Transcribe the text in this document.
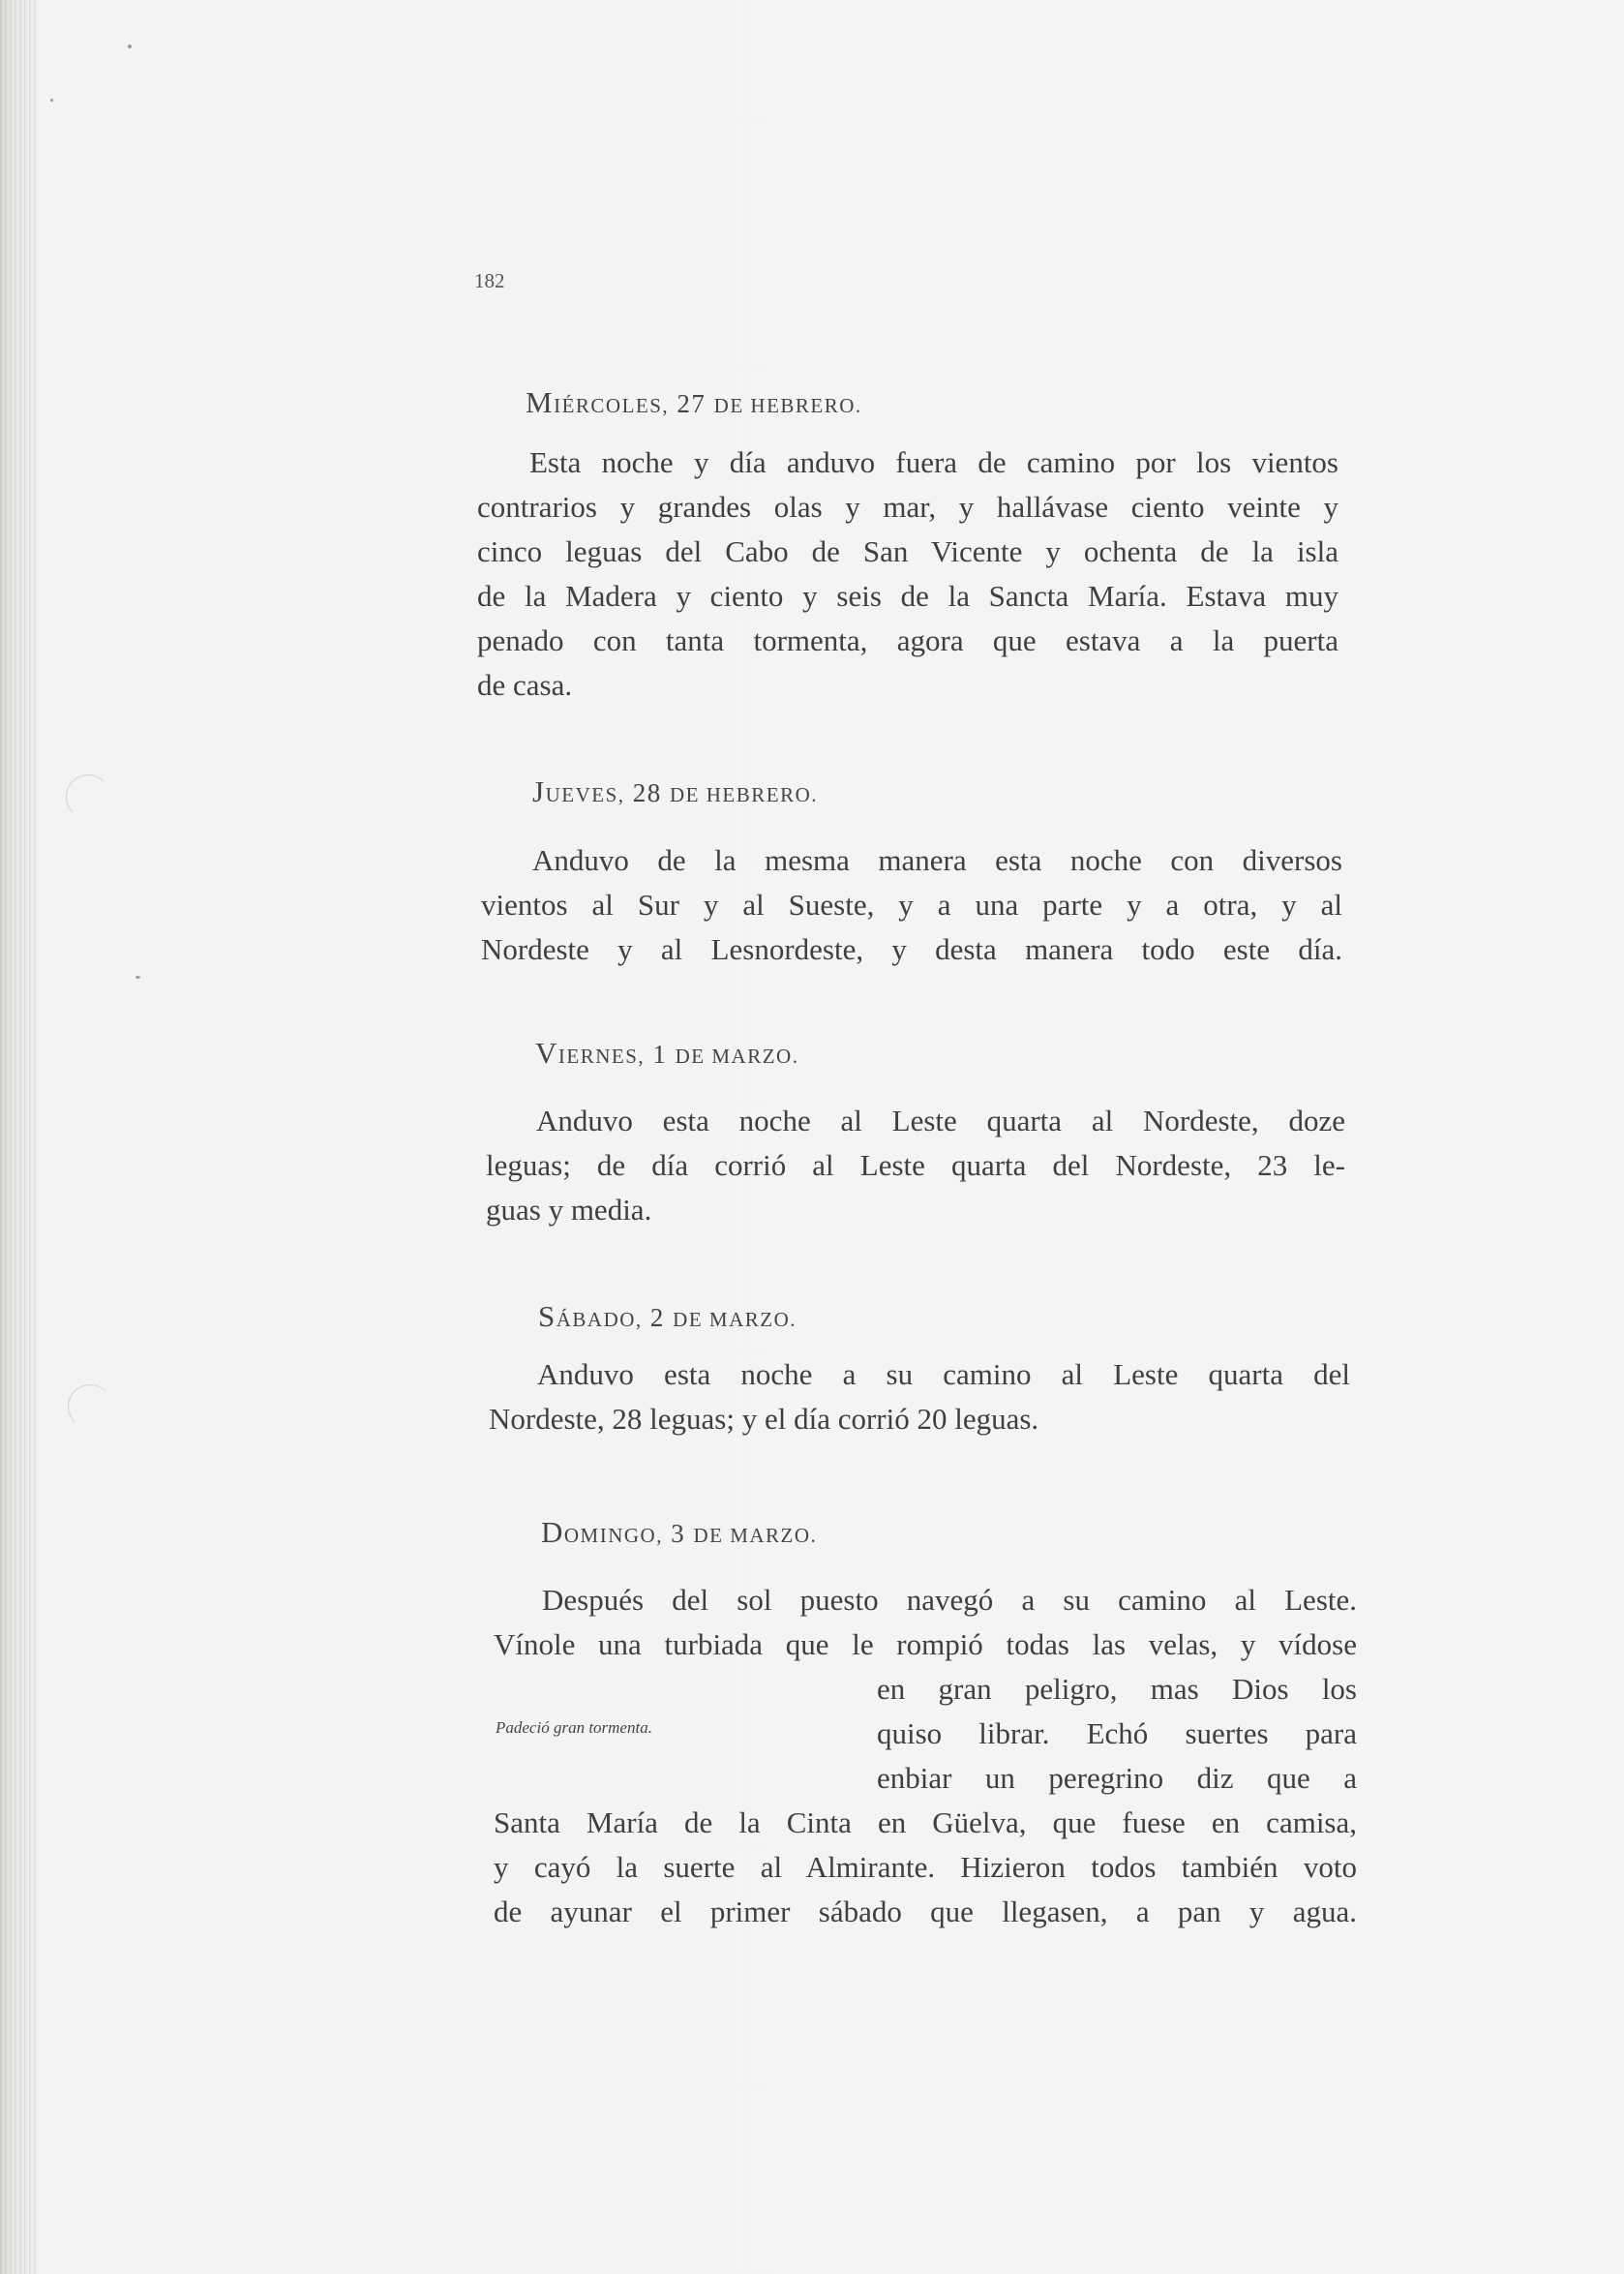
182
MIÉRCOLES, 27 DE HEBRERO.
Esta noche y día anduvo fuera de camino por los vientos
contrarios y grandes olas y mar, y hallávase ciento veinte y
cinco leguas del Cabo de San Vicente y ochenta de la isla
de la Madera y ciento y seis de la Sancta María. Estava muy
penado con tanta tormenta, agora que estava a la puerta
de casa.
JUEVES, 28 DE HEBRERO.
Anduvo de la mesma manera esta noche con diversos
vientos al Sur y al Sueste, y a una parte y a otra, y al
Nordeste y al Lesnordeste, y desta manera todo este día.
VIERNES, 1 DE MARZO.
Anduvo esta noche al Leste quarta al Nordeste, doze
leguas; de día corrió al Leste quarta del Nordeste, 23 le-
guas y media.
SÁBADO, 2 DE MARZO.
Anduvo esta noche a su camino al Leste quarta del
Nordeste, 28 leguas; y el día corrió 20 leguas.
DOMINGO, 3 DE MARZO.
Después del sol puesto navegó a su camino al Leste.
Vínole una turbiada que le rompió todas las velas, y vídose
en gran peligro, mas Dios los
quiso librar. Echó suertes para
enbiar un peregrino diz que a
Santa María de la Cinta en Güelva, que fuese en camisa,
y cayó la suerte al Almirante. Hizieron todos también voto
de ayunar el primer sábado que llegasen, a pan y agua.
Padeció gran tormenta.
